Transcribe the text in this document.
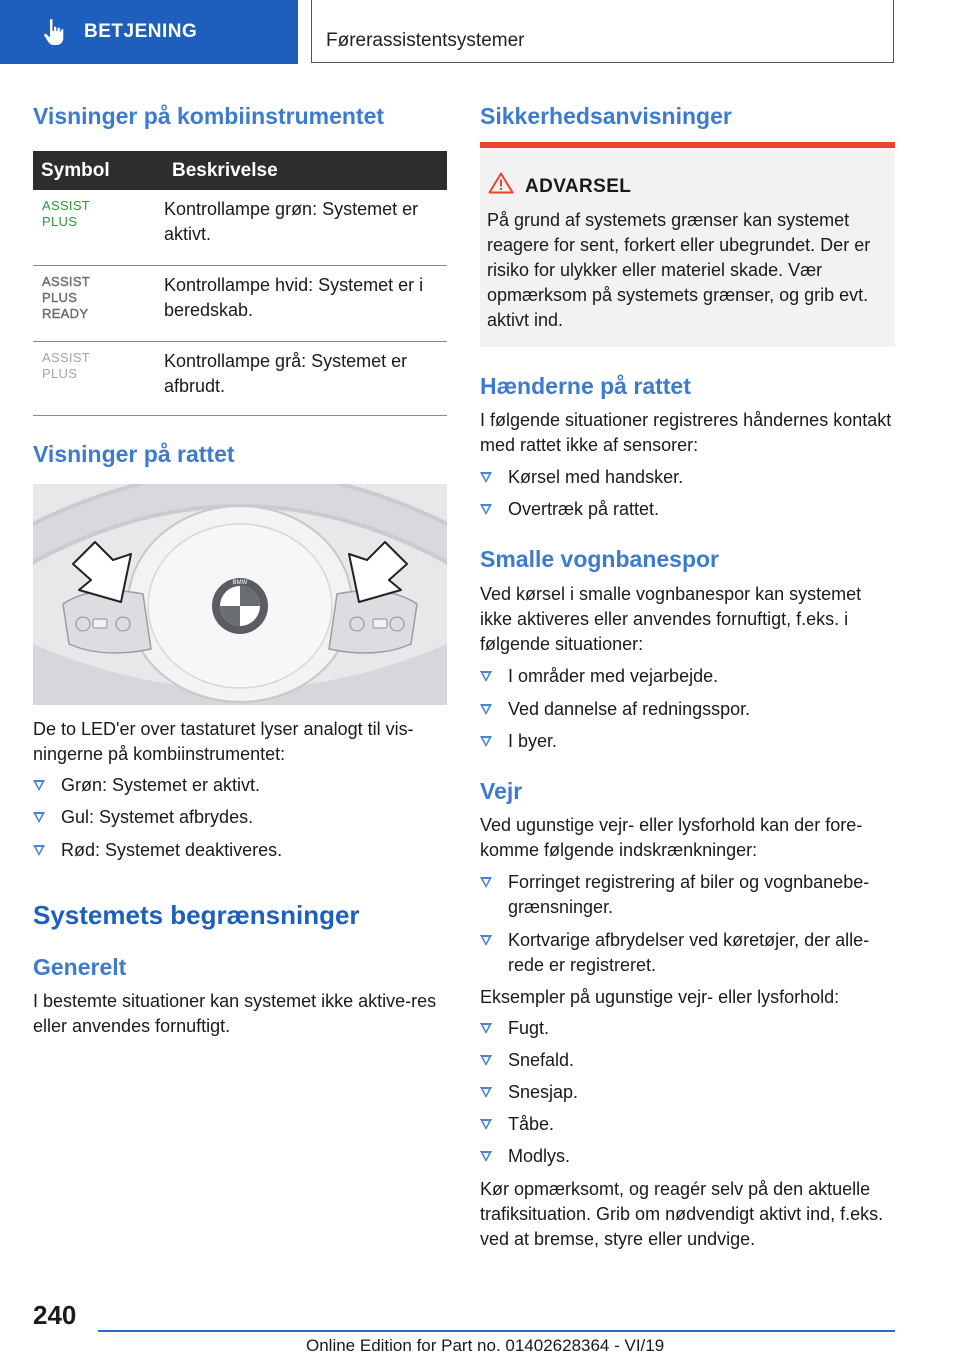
BETJENING	Førerassistentsystemer
Visninger på kombiinstrumentet
Symbol	Beskrivelse

ASSIST
PLUS	Kontrollampe grøn: Systemet er aktivt.

ASSIST
PLUS
READY	Kontrollampe hvid: Systemet er i beredskab.

ASSIST
PLUS	Kontrollampe grå: Systemet er afbrudt.
Visninger på rattet
BMW
De to LED'er over tastaturet lyser analogt til vis-ningerne på kombiinstrumentet:
Grøn: Systemet er aktivt.
Gul: Systemet afbrydes.
Rød: Systemet deaktiveres.
Systemets begrænsninger
Generelt
I bestemte situationer kan systemet ikke aktive-res eller anvendes fornuftigt.
Sikkerhedsanvisninger
ADVARSEL
På grund af systemets grænser kan systemet reagere for sent, forkert eller ubegrundet. Der er risiko for ulykker eller materiel skade. Vær opmærksom på systemets grænser, og grib evt. aktivt ind.
Hænderne på rattet
I følgende situationer registreres håndernes kontakt med rattet ikke af sensorer:
Kørsel med handsker.
Overtræk på rattet.
Smalle vognbanespor
Ved kørsel i smalle vognbanespor kan systemet ikke aktiveres eller anvendes fornuftigt, f.eks. i følgende situationer:
I områder med vejarbejde.
Ved dannelse af redningsspor.
I byer.
Vejr
Ved ugunstige vejr- eller lysforhold kan der fore-komme følgende indskrænkninger:
Forringet registrering af biler og vognbanebe-grænsninger.
Kortvarige afbrydelser ved køretøjer, der alle-rede er registreret.
Eksempler på ugunstige vejr- eller lysforhold:
Fugt.
Snefald.
Snesjap.
Tåbe.
Modlys.
Kør opmærksomt, og reagér selv på den aktuelle trafiksituation. Grib om nødvendigt aktivt ind, f.eks. ved at bremse, styre eller undvige.
240
Online Edition for Part no. 01402628364 - VI/19
